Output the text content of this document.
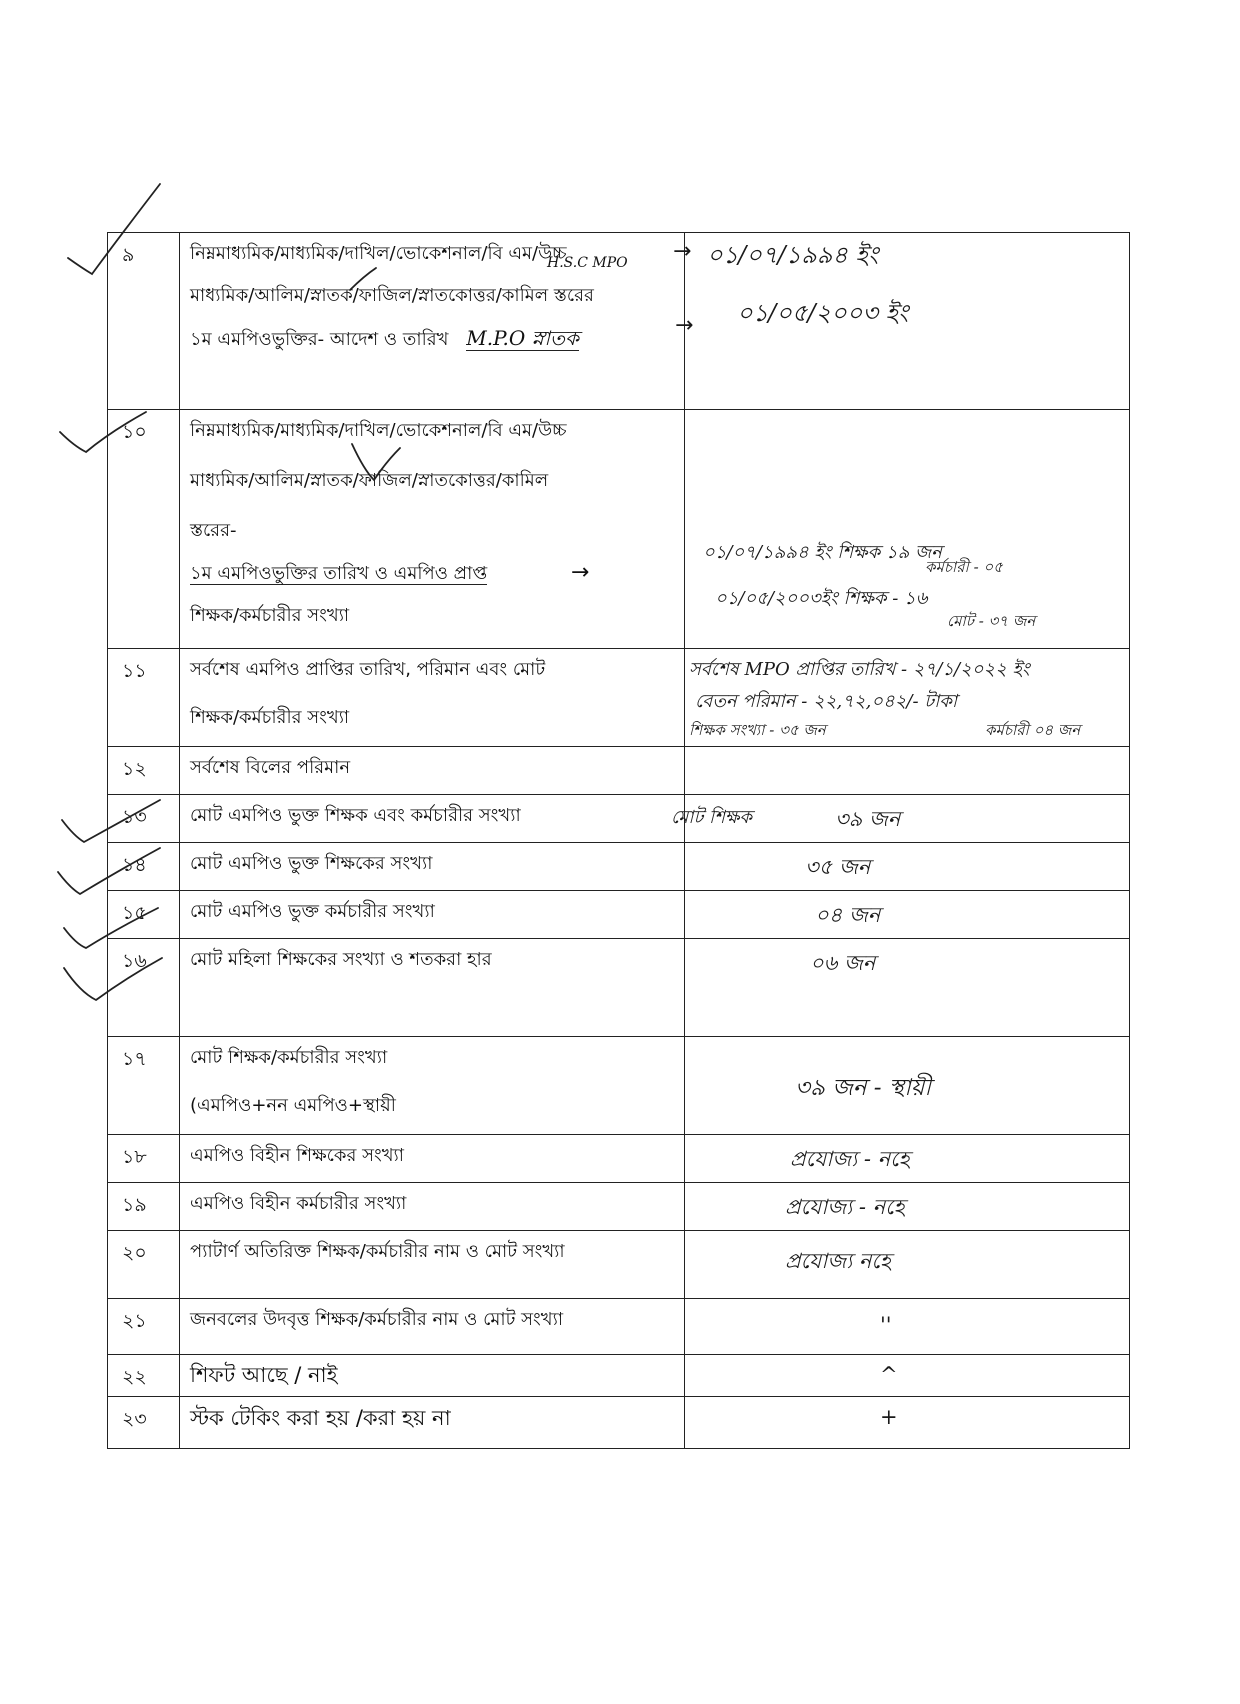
H.S.C MPO
৯	নিম্নমাধ্যমিক/মাধ্যমিক/দাখিল/ভোকেশনাল/বি এম/উচ্চ
মাধ্যমিক/আলিম/স্নাতক/ফাজিল/স্নাতকোত্তর/কামিল স্তরের
১ম এমপিওভুক্তির- আদেশ ও তারিখ M.P.O স্নাতক	→ ০১/০৭/১৯৯৪ ইং
→ ০১/০৫/২০০৩ ইং

১০	নিম্নমাধ্যমিক/মাধ্যমিক/দাখিল/ভোকেশনাল/বি এম/উচ্চ
মাধ্যমিক/আলিম/স্নাতক/ফাজিল/স্নাতকোত্তর/কামিল
স্তরের-
১ম এমপিওভুক্তির তারিখ ও এমপিও প্রাপ্ত →
শিক্ষক/কর্মচারীর সংখ্যা	০১/০৭/১৯৯৪ ইং শিক্ষক ১৯ জন
কর্মচারী - ০৫
০১/০৫/২০০৩ইং শিক্ষক - ১৬
মোট - ৩৭ জন

১১	সর্বশেষ এমপিও প্রাপ্তির তারিখ, পরিমান এবং মোট
শিক্ষক/কর্মচারীর সংখ্যা	সর্বশেষ MPO প্রাপ্তির তারিখ - ২৭/১/২০২২ ইং
বেতন পরিমান - ২২,৭২,০৪২/- টাকা
শিক্ষক সংখ্যা - ৩৫ জন কর্মচারী ০৪ জন

১২	সর্বশেষ বিলের পরিমান	

১৩	মোট এমপিও ভুক্ত শিক্ষক এবং কর্মচারীর সংখ্যা	মোট শিক্ষক ৩৯ জন

১৪	মোট এমপিও ভুক্ত শিক্ষকের সংখ্যা	৩৫ জন

১৫	মোট এমপিও ভুক্ত কর্মচারীর সংখ্যা	০৪ জন

১৬	মোট মহিলা শিক্ষকের সংখ্যা ও শতকরা হার	০৬ জন

১৭	মোট শিক্ষক/কর্মচারীর সংখ্যা
(এমপিও+নন এমপিও+স্থায়ী	৩৯ জন - স্থায়ী

১৮	এমপিও বিহীন শিক্ষকের সংখ্যা	প্রযোজ্য - নহে

১৯	এমপিও বিহীন কর্মচারীর সংখ্যা	প্রযোজ্য - নহে

২০	প্যাটার্ণ অতিরিক্ত শিক্ষক/কর্মচারীর নাম ও মোট সংখ্যা	প্রযোজ্য নহে

২১	জনবলের উদবৃত্ত শিক্ষক/কর্মচারীর নাম ও মোট সংখ্যা	''

২২	শিফট আছে / নাই	^

২৩	স্টক টেকিং করা হয় /করা হয় না	+
